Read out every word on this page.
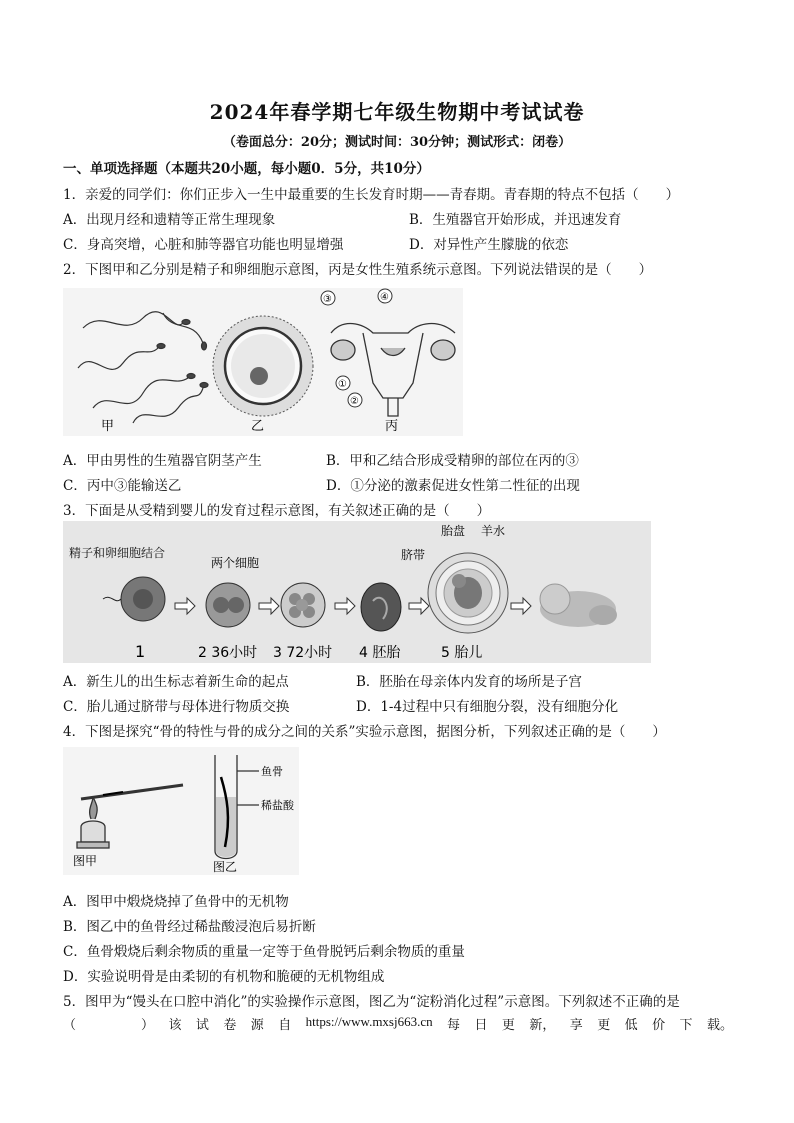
2024年春学期七年级生物期中考试试卷
（卷面总分：20分；测试时间：30分钟；测试形式：闭卷）
一、单项选择题（本题共20小题，每小题0．5分，共10分）
1．亲爱的同学们：你们正步入一生中最重要的生长发育时期——青春期。青春期的特点不包括（　　）
A．出现月经和遗精等正常生理现象	B．生殖器官开始形成，并迅速发育
C．身高突增，心脏和肺等器官功能也明显增强	D．对异性产生朦胧的依恋
2．下图甲和乙分别是精子和卵细胞示意图，丙是女性生殖系统示意图。下列说法错误的是（　　）
甲	乙
③	④
①
②
丙
A．甲由男性的生殖器官阴茎产生	B．甲和乙结合形成受精卵的部位在丙的③
C．丙中③能输送乙	D．①分泌的激素促进女性第二性征的出现
3．下面是从受精到婴儿的发育过程示意图，有关叙述正确的是（　　）
精子和卵细胞结合
1
两个细胞
2 36小时 3 72小时 4 胚胎
胎盘 羊水
脐带
5 胎儿
A．新生儿的出生标志着新生命的起点	B．胚胎在母亲体内发育的场所是子宫
C．胎儿通过脐带与母体进行物质交换	D．1-4过程中只有细胞分裂，没有细胞分化
4．下图是探究“骨的特性与骨的成分之间的关系”实验示意图，据图分析，下列叙述正确的是（　　）
图甲
鱼骨
稀盐酸
图乙
A．图甲中煅烧烧掉了鱼骨中的无机物
B．图乙中的鱼骨经过稀盐酸浸泡后易折断
C．鱼骨煅烧后剩余物质的重量一定等于鱼骨脱钙后剩余物质的重量
D．实验说明骨是由柔韧的有机物和脆硬的无机物组成
5．图甲为“馒头在口腔中消化”的实验操作示意图，图乙为“淀粉消化过程”示意图。下列叙述不正确的是
（　　　　　） 该 试 卷 源 自 https://www.mxsj663.cn 每 日 更 新， 享 更 低 价 下 载。
